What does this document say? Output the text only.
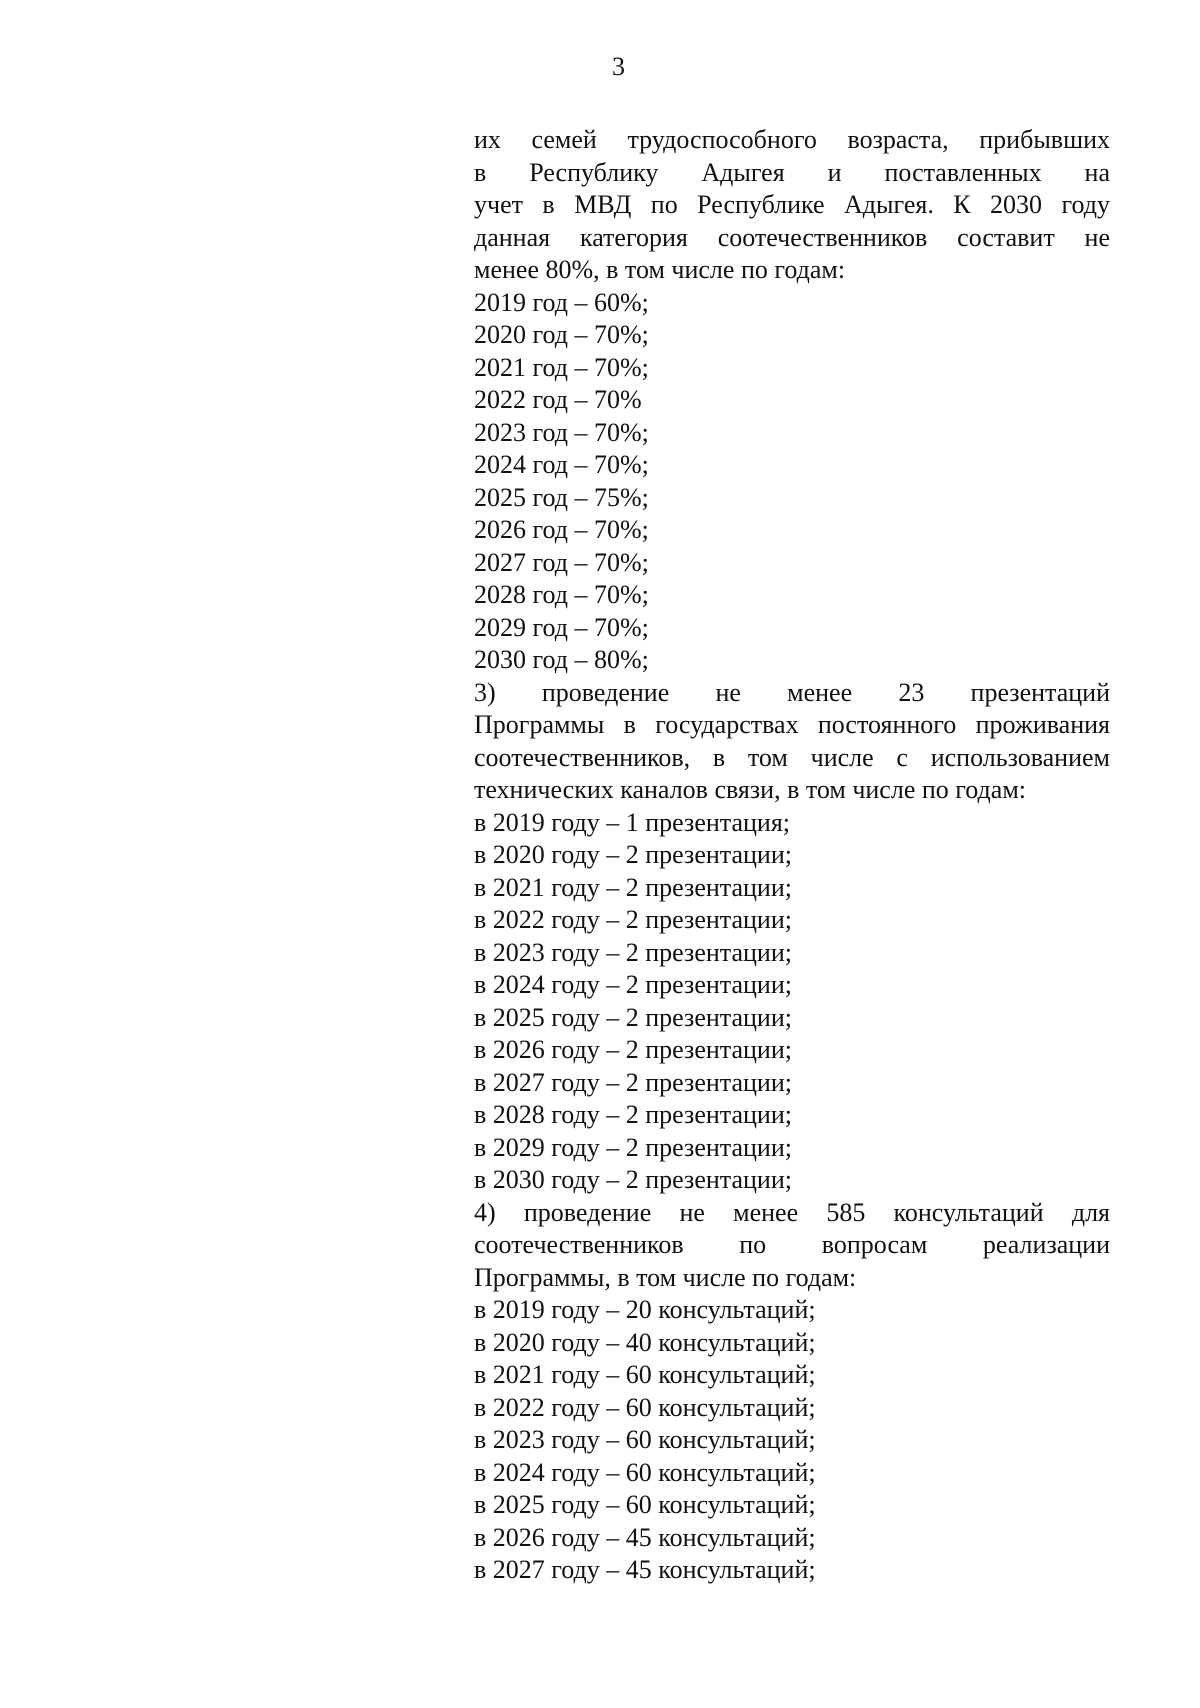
3
их семей трудоспособного возраста, прибывших
в Республику Адыгея и поставленных на
учет в МВД по Республике Адыгея. К 2030 году
данная категория соотечественников составит не
менее 80%, в том числе по годам:
2019 год – 60%;
2020 год – 70%;
2021 год – 70%;
2022 год – 70%
2023 год – 70%;
2024 год – 70%;
2025 год – 75%;
2026 год – 70%;
2027 год – 70%;
2028 год – 70%;
2029 год – 70%;
2030 год – 80%;
3) проведение не менее 23 презентаций
Программы в государствах постоянного проживания
соотечественников, в том числе с использованием
технических каналов связи, в том числе по годам:
в 2019 году – 1 презентация;
в 2020 году – 2 презентации;
в 2021 году – 2 презентации;
в 2022 году – 2 презентации;
в 2023 году – 2 презентации;
в 2024 году – 2 презентации;
в 2025 году – 2 презентации;
в 2026 году – 2 презентации;
в 2027 году – 2 презентации;
в 2028 году – 2 презентации;
в 2029 году – 2 презентации;
в 2030 году – 2 презентации;
4) проведение не менее 585 консультаций для
соотечественников по вопросам реализации
Программы, в том числе по годам:
в 2019 году – 20 консультаций;
в 2020 году – 40 консультаций;
в 2021 году – 60 консультаций;
в 2022 году – 60 консультаций;
в 2023 году – 60 консультаций;
в 2024 году – 60 консультаций;
в 2025 году – 60 консультаций;
в 2026 году – 45 консультаций;
в 2027 году – 45 консультаций;
